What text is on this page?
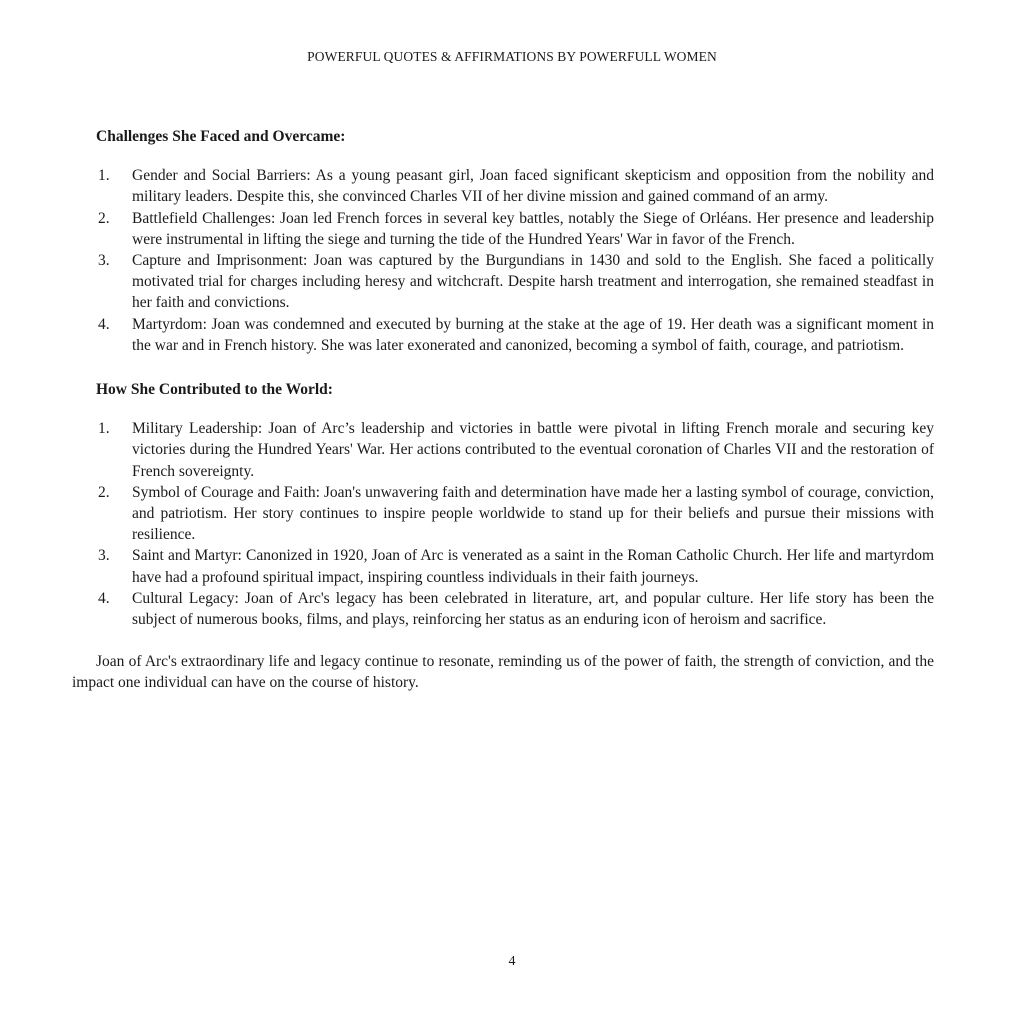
POWERFUL QUOTES & AFFIRMATIONS BY POWERFULL WOMEN
Challenges She Faced and Overcame:
1. Gender and Social Barriers: As a young peasant girl, Joan faced significant skepticism and opposition from the nobility and military leaders. Despite this, she convinced Charles VII of her divine mission and gained command of an army.
2. Battlefield Challenges: Joan led French forces in several key battles, notably the Siege of Orléans. Her presence and leadership were instrumental in lifting the siege and turning the tide of the Hundred Years' War in favor of the French.
3. Capture and Imprisonment: Joan was captured by the Burgundians in 1430 and sold to the English. She faced a politically motivated trial for charges including heresy and witchcraft. Despite harsh treatment and interrogation, she remained steadfast in her faith and convictions.
4. Martyrdom: Joan was condemned and executed by burning at the stake at the age of 19. Her death was a significant moment in the war and in French history. She was later exonerated and canonized, becoming a symbol of faith, courage, and patriotism.
How She Contributed to the World:
1. Military Leadership: Joan of Arc’s leadership and victories in battle were pivotal in lifting French morale and securing key victories during the Hundred Years' War. Her actions contributed to the eventual coronation of Charles VII and the restoration of French sovereignty.
2. Symbol of Courage and Faith: Joan's unwavering faith and determination have made her a lasting symbol of courage, conviction, and patriotism. Her story continues to inspire people worldwide to stand up for their beliefs and pursue their missions with resilience.
3. Saint and Martyr: Canonized in 1920, Joan of Arc is venerated as a saint in the Roman Catholic Church. Her life and martyrdom have had a profound spiritual impact, inspiring countless individuals in their faith journeys.
4. Cultural Legacy: Joan of Arc's legacy has been celebrated in literature, art, and popular culture. Her life story has been the subject of numerous books, films, and plays, reinforcing her status as an enduring icon of heroism and sacrifice.

Joan of Arc's extraordinary life and legacy continue to resonate, reminding us of the power of faith, the strength of conviction, and the impact one individual can have on the course of history.

4
